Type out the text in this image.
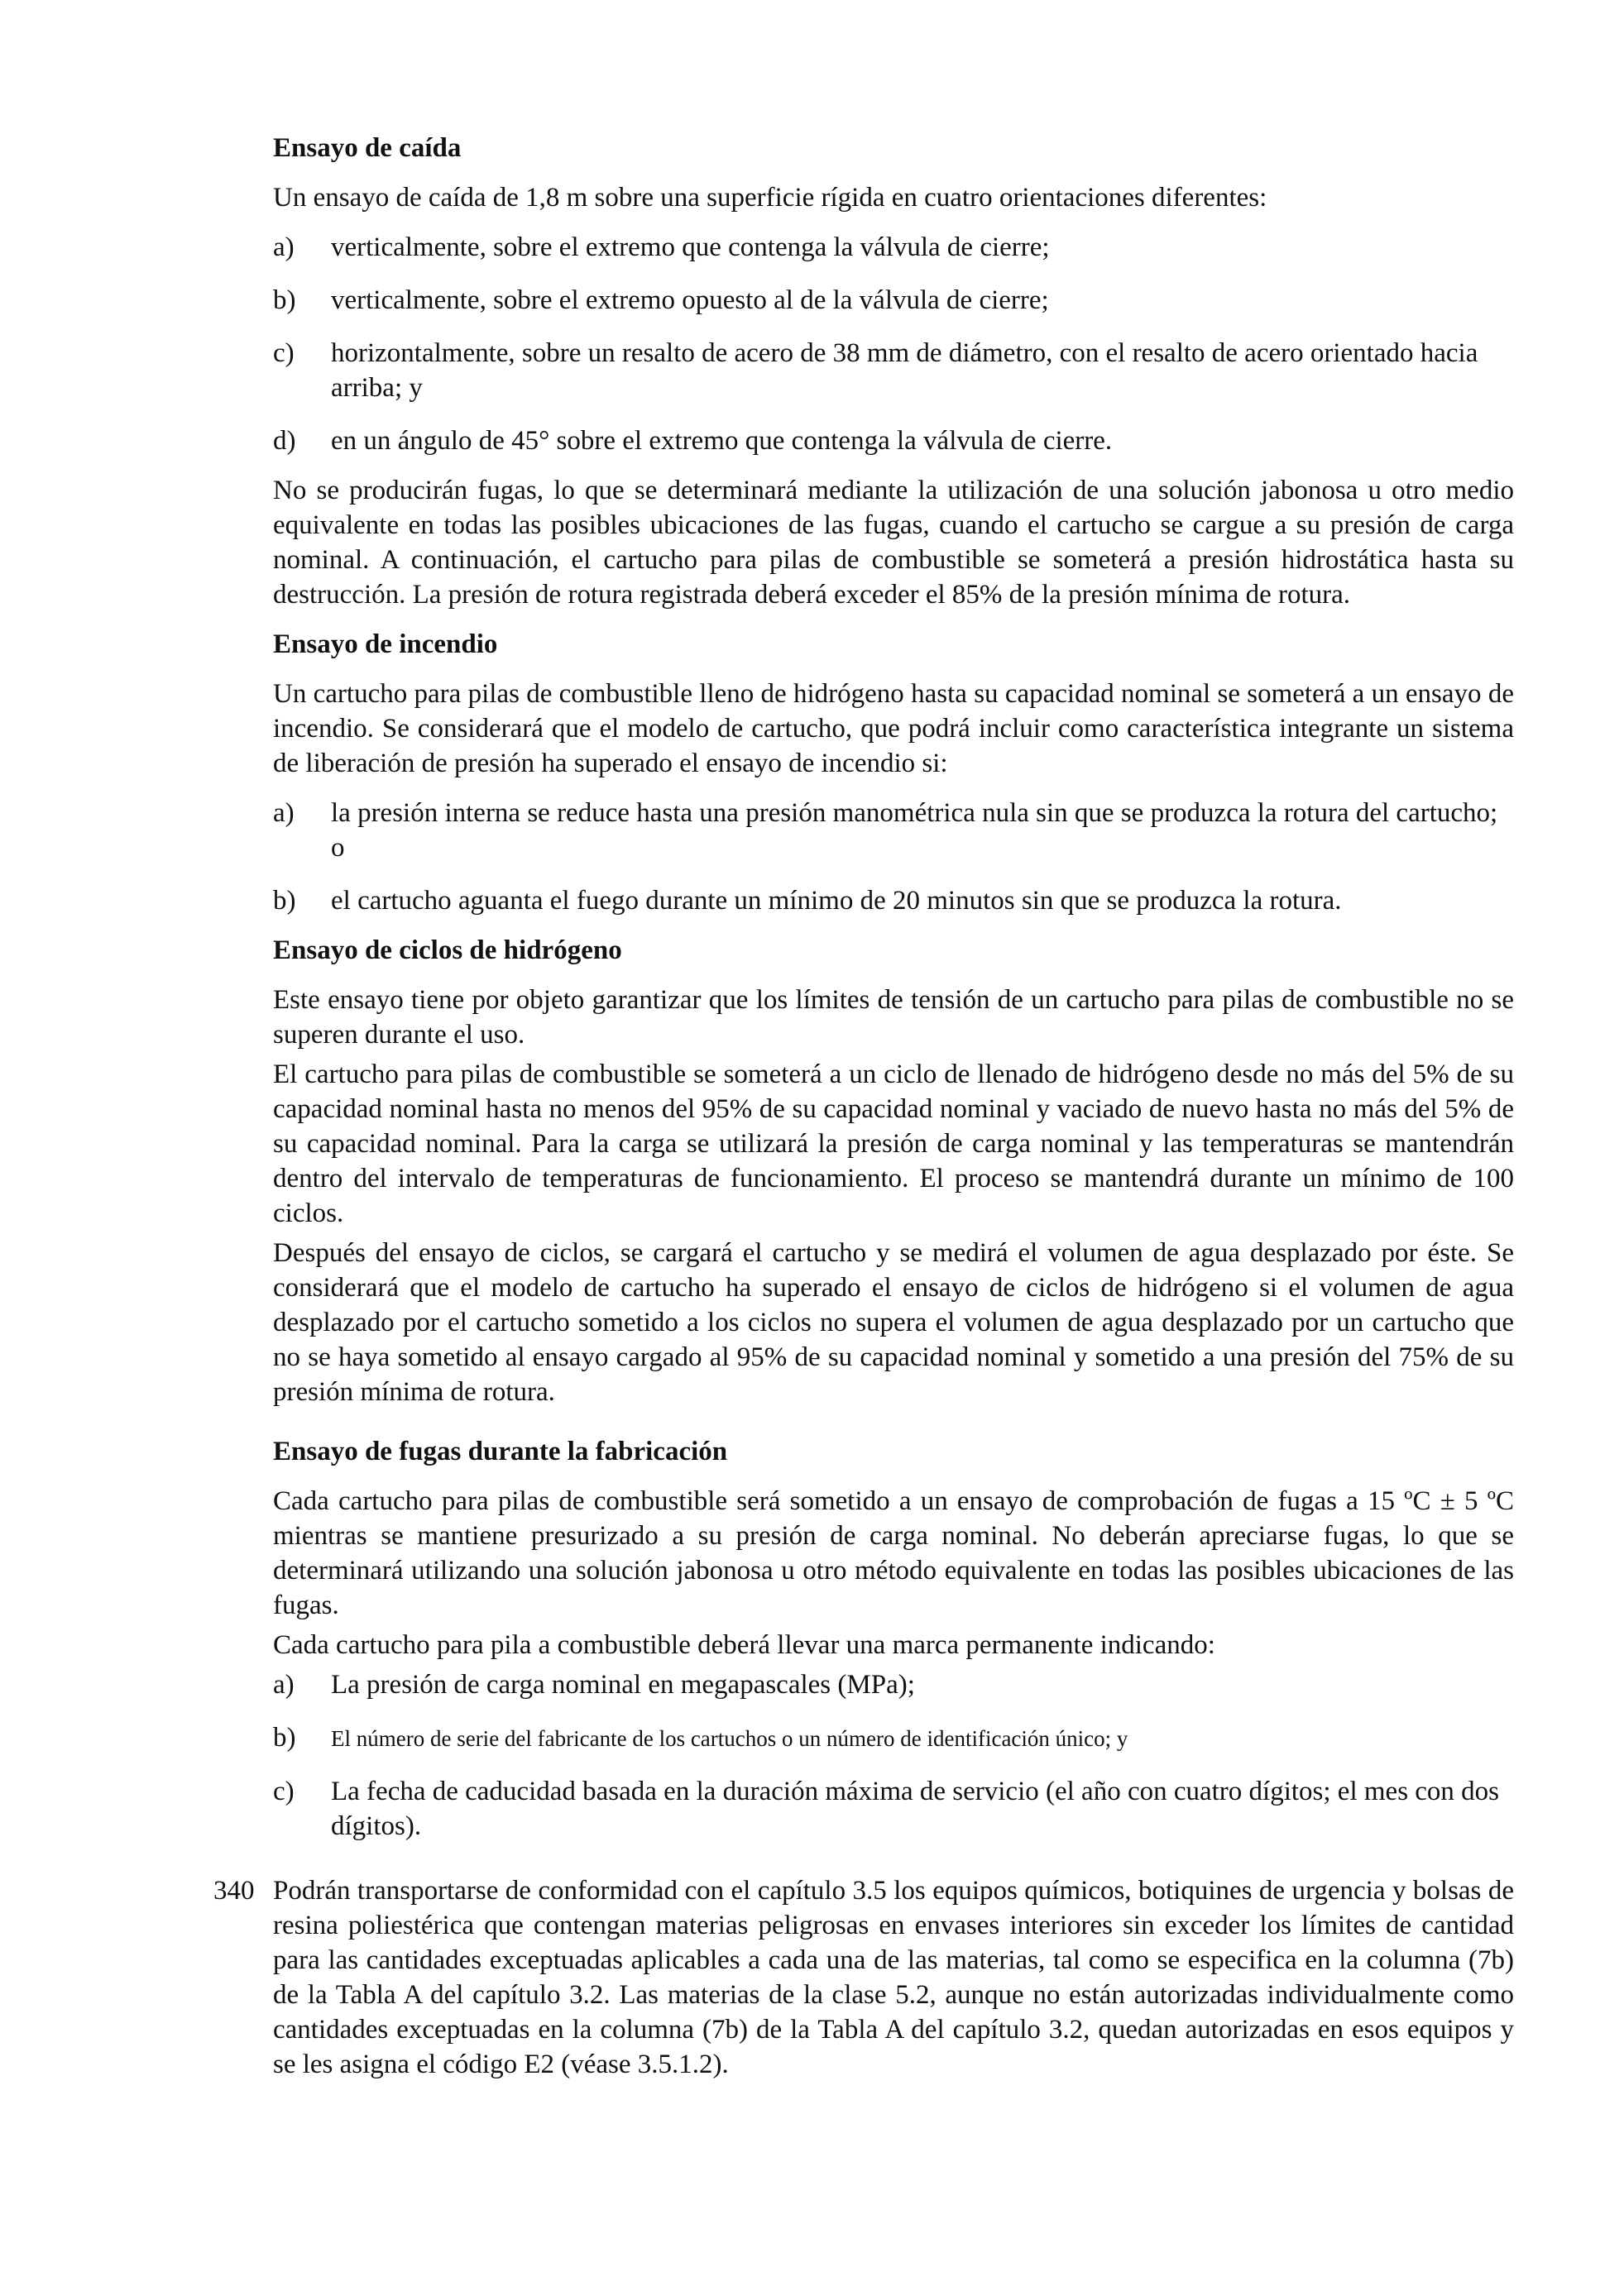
Ensayo de caída
Un ensayo de caída de 1,8 m sobre una superficie rígida en cuatro orientaciones diferentes:
a) verticalmente, sobre el extremo que contenga la válvula de cierre;
b) verticalmente, sobre el extremo opuesto al de la válvula de cierre;
c) horizontalmente, sobre un resalto de acero de 38 mm de diámetro, con el resalto de acero orientado hacia arriba; y
d) en un ángulo de 45° sobre el extremo que contenga la válvula de cierre.
No se producirán fugas, lo que se determinará mediante la utilización de una solución jabonosa u otro medio equivalente en todas las posibles ubicaciones de las fugas, cuando el cartucho se cargue a su presión de carga nominal. A continuación, el cartucho para pilas de combustible se someterá a presión hidrostática hasta su destrucción. La presión de rotura registrada deberá exceder el 85% de la presión mínima de rotura.
Ensayo de incendio
Un cartucho para pilas de combustible lleno de hidrógeno hasta su capacidad nominal se someterá a un ensayo de incendio. Se considerará que el modelo de cartucho, que podrá incluir como característica integrante un sistema de liberación de presión ha superado el ensayo de incendio si:
a) la presión interna se reduce hasta una presión manométrica nula sin que se produzca la rotura del cartucho; o
b) el cartucho aguanta el fuego durante un mínimo de 20 minutos sin que se produzca la rotura.
Ensayo de ciclos de hidrógeno
Este ensayo tiene por objeto garantizar que los límites de tensión de un cartucho para pilas de combustible no se superen durante el uso.
El cartucho para pilas de combustible se someterá a un ciclo de llenado de hidrógeno desde no más del 5% de su capacidad nominal hasta no menos del 95% de su capacidad nominal y vaciado de nuevo hasta no más del 5% de su capacidad nominal. Para la carga se utilizará la presión de carga nominal y las temperaturas se mantendrán dentro del intervalo de temperaturas de funcionamiento. El proceso se mantendrá durante un mínimo de 100 ciclos.
Después del ensayo de ciclos, se cargará el cartucho y se medirá el volumen de agua desplazado por éste. Se considerará que el modelo de cartucho ha superado el ensayo de ciclos de hidrógeno si el volumen de agua desplazado por el cartucho sometido a los ciclos no supera el volumen de agua desplazado por un cartucho que no se haya sometido al ensayo cargado al 95% de su capacidad nominal y sometido a una presión del 75% de su presión mínima de rotura.
Ensayo de fugas durante la fabricación
Cada cartucho para pilas de combustible será sometido a un ensayo de comprobación de fugas a 15 ºC ± 5 ºC mientras se mantiene presurizado a su presión de carga nominal. No deberán apreciarse fugas, lo que se determinará utilizando una solución jabonosa u otro método equivalente en todas las posibles ubicaciones de las fugas.
Cada cartucho para pila a combustible deberá llevar una marca permanente indicando:
a) La presión de carga nominal en megapascales (MPa);
b) El número de serie del fabricante de los cartuchos o un número de identificación único; y
c) La fecha de caducidad basada en la duración máxima de servicio (el año con cuatro dígitos; el mes con dos dígitos).
340 Podrán transportarse de conformidad con el capítulo 3.5 los equipos químicos, botiquines de urgencia y bolsas de resina poliestérica que contengan materias peligrosas en envases interiores sin exceder los límites de cantidad para las cantidades exceptuadas aplicables a cada una de las materias, tal como se especifica en la columna (7b) de la Tabla A del capítulo 3.2. Las materias de la clase 5.2, aunque no están autorizadas individualmente como cantidades exceptuadas en la columna (7b) de la Tabla A del capítulo 3.2, quedan autorizadas en esos equipos y se les asigna el código E2 (véase 3.5.1.2).
